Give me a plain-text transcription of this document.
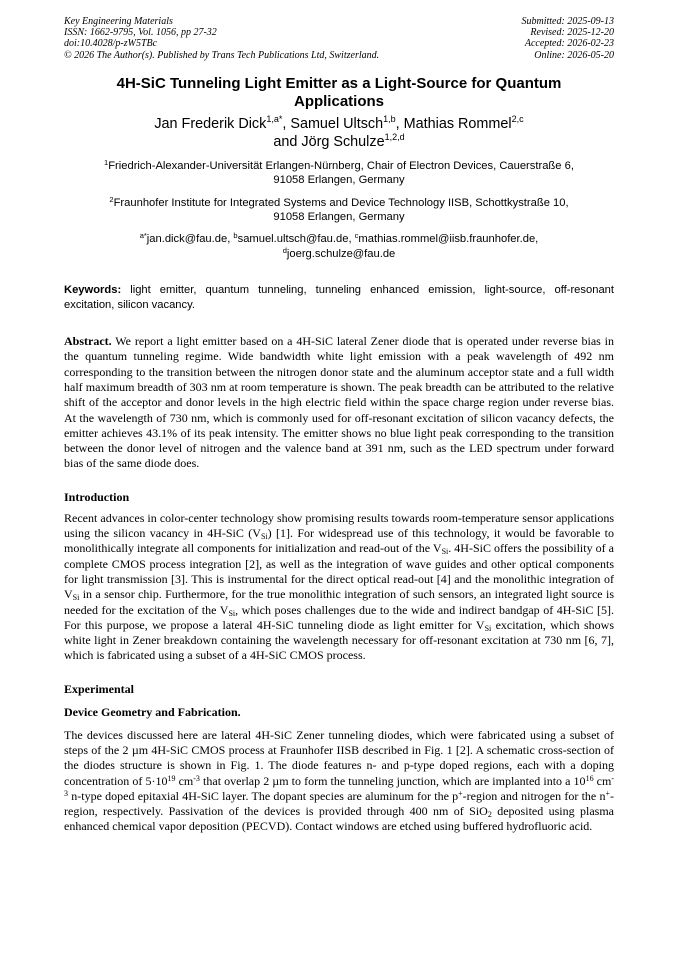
Key Engineering Materials
ISSN: 1662-9795, Vol. 1056, pp 27-32
doi:10.4028/p-zW5TBc
© 2026 The Author(s). Published by Trans Tech Publications Ltd, Switzerland.
Submitted: 2025-09-13
Revised: 2025-12-20
Accepted: 2026-02-23
Online: 2026-05-20
4H-SiC Tunneling Light Emitter as a Light-Source for Quantum Applications
Jan Frederik Dick$^{1,a*}$, Samuel Ultsch$^{1,b}$, Mathias Rommel$^{2,c}$
and Jörg Schulze$^{1,2,d}$
$^1$Friedrich-Alexander-Universität Erlangen-Nürnberg, Chair of Electron Devices, Cauerstraße 6,
91058 Erlangen, Germany
$^2$Fraunhofer Institute for Integrated Systems and Device Technology IISB, Schottkystraße 10,
91058 Erlangen, Germany
$^{a*}$jan.dick@fau.de, $^b$samuel.ultsch@fau.de, $^c$mathias.rommel@iisb.fraunhofer.de,
$^d$joerg.schulze@fau.de
Keywords: light emitter, quantum tunneling, tunneling enhanced emission, light-source, off-resonant excitation, silicon vacancy.
Abstract. We report a light emitter based on a 4H-SiC lateral Zener diode that is operated under reverse bias in the quantum tunneling regime. Wide bandwidth white light emission with a peak wavelength of 492 nm corresponding to the transition between the nitrogen donor state and the aluminum acceptor state and a full width half maximum breadth of 303 nm at room temperature is shown. The peak breadth can be attributed to the relative shift of the acceptor and donor levels in the high electric field within the space charge region under reverse bias. At the wavelength of 730 nm, which is commonly used for off-resonant excitation of silicon vacancy defects, the emitter achieves 43.1% of its peak intensity. The emitter shows no blue light peak corresponding to the transition between the donor level of nitrogen and the valence band at 391 nm, such as the LED spectrum under forward bias of the same diode does.
Introduction
Recent advances in color-center technology show promising results towards room-temperature sensor applications using the silicon vacancy in 4H-SiC $(V_{Si})$ [1]. For widespread use of this technology, it would be favorable to monolithically integrate all components for initialization and read-out of the $V_{Si}$. 4H-SiC offers the possibility of a complete CMOS process integration [2], as well as the integration of wave guides and other optical components for light transmission [3]. This is instrumental for the direct optical read-out [4] and the monolithic integration of $V_{Si}$ in a sensor chip. Furthermore, for the true monolithic integration of such sensors, an integrated light source is needed for the excitation of the $V_{Si}$, which poses challenges due to the wide and indirect bandgap of 4H-SiC [5]. For this purpose, we propose a lateral 4H-SiC tunneling diode as light emitter for $V_{Si}$ excitation, which shows white light in Zener breakdown containing the wavelength necessary for off-resonant excitation at 730 nm [6, 7], which is fabricated using a subset of a 4H-SiC CMOS process.
Experimental
Device Geometry and Fabrication.
The devices discussed here are lateral 4H-SiC Zener tunneling diodes, which were fabricated using a subset of steps of the 2 µm 4H-SiC CMOS process at Fraunhofer IISB described in Fig. 1 [2]. A schematic cross-section of the diodes structure is shown in Fig. 1. The diode features n- and p-type doped regions, each with a doping concentration of $5\cdot 10^{19}$ $cm^{-3}$ that overlap 2 µm to form the tunneling junction, which are implanted into a $10^{16}$ $cm^{-3}$ n-type doped epitaxial 4H-SiC layer. The dopant species are aluminum for the p+-region and nitrogen for the n+-region, respectively. Passivation of the devices is provided through 400 nm of SiO$_2$ deposited using plasma enhanced chemical vapor deposition (PECVD). Contact windows are etched using buffered hydrofluoric acid.
